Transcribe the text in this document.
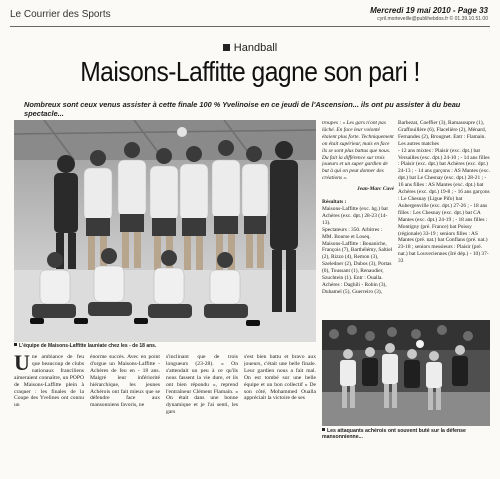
Le Courrier des Sports	Mercredi 19 mai 2010 - Page 33
cyril.morteveille@publihebdos.fr © 01.39.10.51.00
Handball
Maisons-Laffitte gagne son pari !
Nombreux sont ceux venus assister à cette finale 100 % Yvelinoise en ce jeudi de l'Ascension... ils ont pu assister à du beau spectacle...
L'équipe de Maisons-Laffitte lauréate chez les - de 18 ans.

Une ambiance de feu que beaucoup de clubs nationaux franciliens aimeraient connaître, un POPO de Maisons-Laffitte plein à craquer : les finales de la Coupe des Yvelines ont connu un

énorme succès. Avec en point d'orgue un Maisons-Laffitte - Achères de feu en - 18 ans. Malgré leur infériorité hiérarchique, les jeunes Achérois ont fait mieux que se défendre face aux mansonniens favoris, ne

s'inclinant que de trois longueurs (23-28). « On s'attendait un peu à ce qu'ils nous fassent la vie dure, et ils ont bien répondu », reprend l'entraîneur Clément Flamain. « On était dans une bonne dynamique et je l'ai senti, les gars

s'est bien battu et bravo aux joueurs, c'était une belle finale. Leur gardien nous a fait mal. On est tombé sur une belle équipe et un bon collectif » De son côté, Mohammed Oualla appréciait la victoire de ses

troupes : « Les gars n'ont pas lâché. En face leur volonté étaient plus forte. Techniquement on était supérieur, mais en face ils se sont plus battus que nous. Du fait la différence sur trois joueurs et un super gardien de but à qui on peut donner des créations ».

Jean-Marc Cavé

Résultats :

Maisons-Laffitte (exc. hg.) bat Achères (exc. dpt.) 28-23 (14-13).

Spectateurs : 350. Arbitres : MM. Bourse et Loseq.

Maisons-Laffitte : Bouaniche, François (7), Barthélémy, Saltiel (2), Rizzo (4), Remon (3), Szeledner (2), Dubos (3), Portas (6), Toussant (1), Renaudier, Szuchtein (1). Entr : Oualla.

Achères : Daghili - Robin (3), Duhamel (5), Guerreiro (3),

Barbezat, Coeffier (3), Ramasoupre (1), Graffouillère (6), Flacelière (2), Ménard, Fernandes (2), Brougnet. Entr : Flamain.

Les autres matches

- 12 ans mixtes : Plaisir (exc. dpt.) bat Versailles (exc. dpt.) 24-10 ; - 14 ans filles : Plaisir (exc. dpt.) bat Achères (exc. dpt.) 24-13 ; - 14 ans garçons : AS Mantes (exc. dpt.) bat Le Chesnay (exc. dpt.) 28-21 ; - 16 ans filles : AS Mantes (exc. dpt.) bat Achères (exc. dpt.) 19-8 ; - 16 ans garçons : Le Chesnay (Ligue Pifo) bat Aubergenville (exc. dpt.) 27-26 ; - 18 ans filles : Les Chesnay (exc. dpt.) bat CA Mantes (exc. dpt.) 24-19 ; - 18 ans filles : Montigny (pré. France) bat Poissy (régionale) 33-19 ; seniors filles : AS Mantes (pré. nat.) bat Conflans (pré. nat.) 23-18 ; seniors messieurs : Plaisir (pré. nat.) bat Louveciennes (Iré dép.) - 10) 37-33

Les attaquants achérois ont souvent buté sur la défense mansonnienne...
